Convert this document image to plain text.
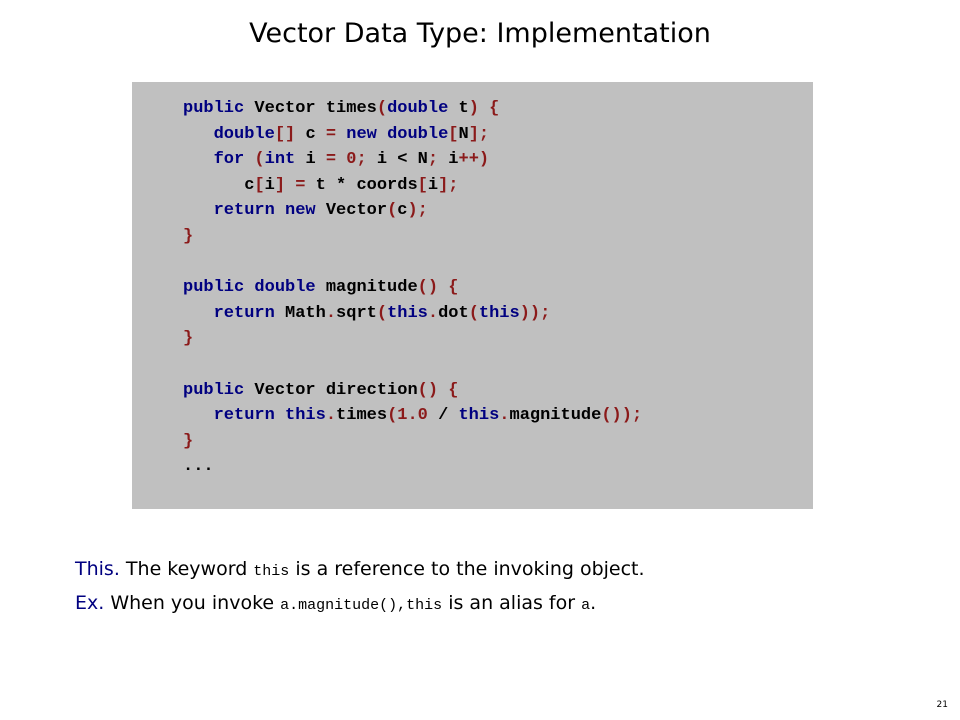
Vector Data Type: Implementation
public Vector times(double t) {
double[] c = new double[N];
for (int i = 0; i < N; i++)
c[i] = t * coords[i];
return new Vector(c);
}

public double magnitude() {
return Math.sqrt(this.dot(this));
}

public Vector direction() {
return this.times(1.0 / this.magnitude());
}
...
This. The keyword this is a reference to the invoking object.
Ex. When you invoke a.magnitude(),this is an alias for a.
21
